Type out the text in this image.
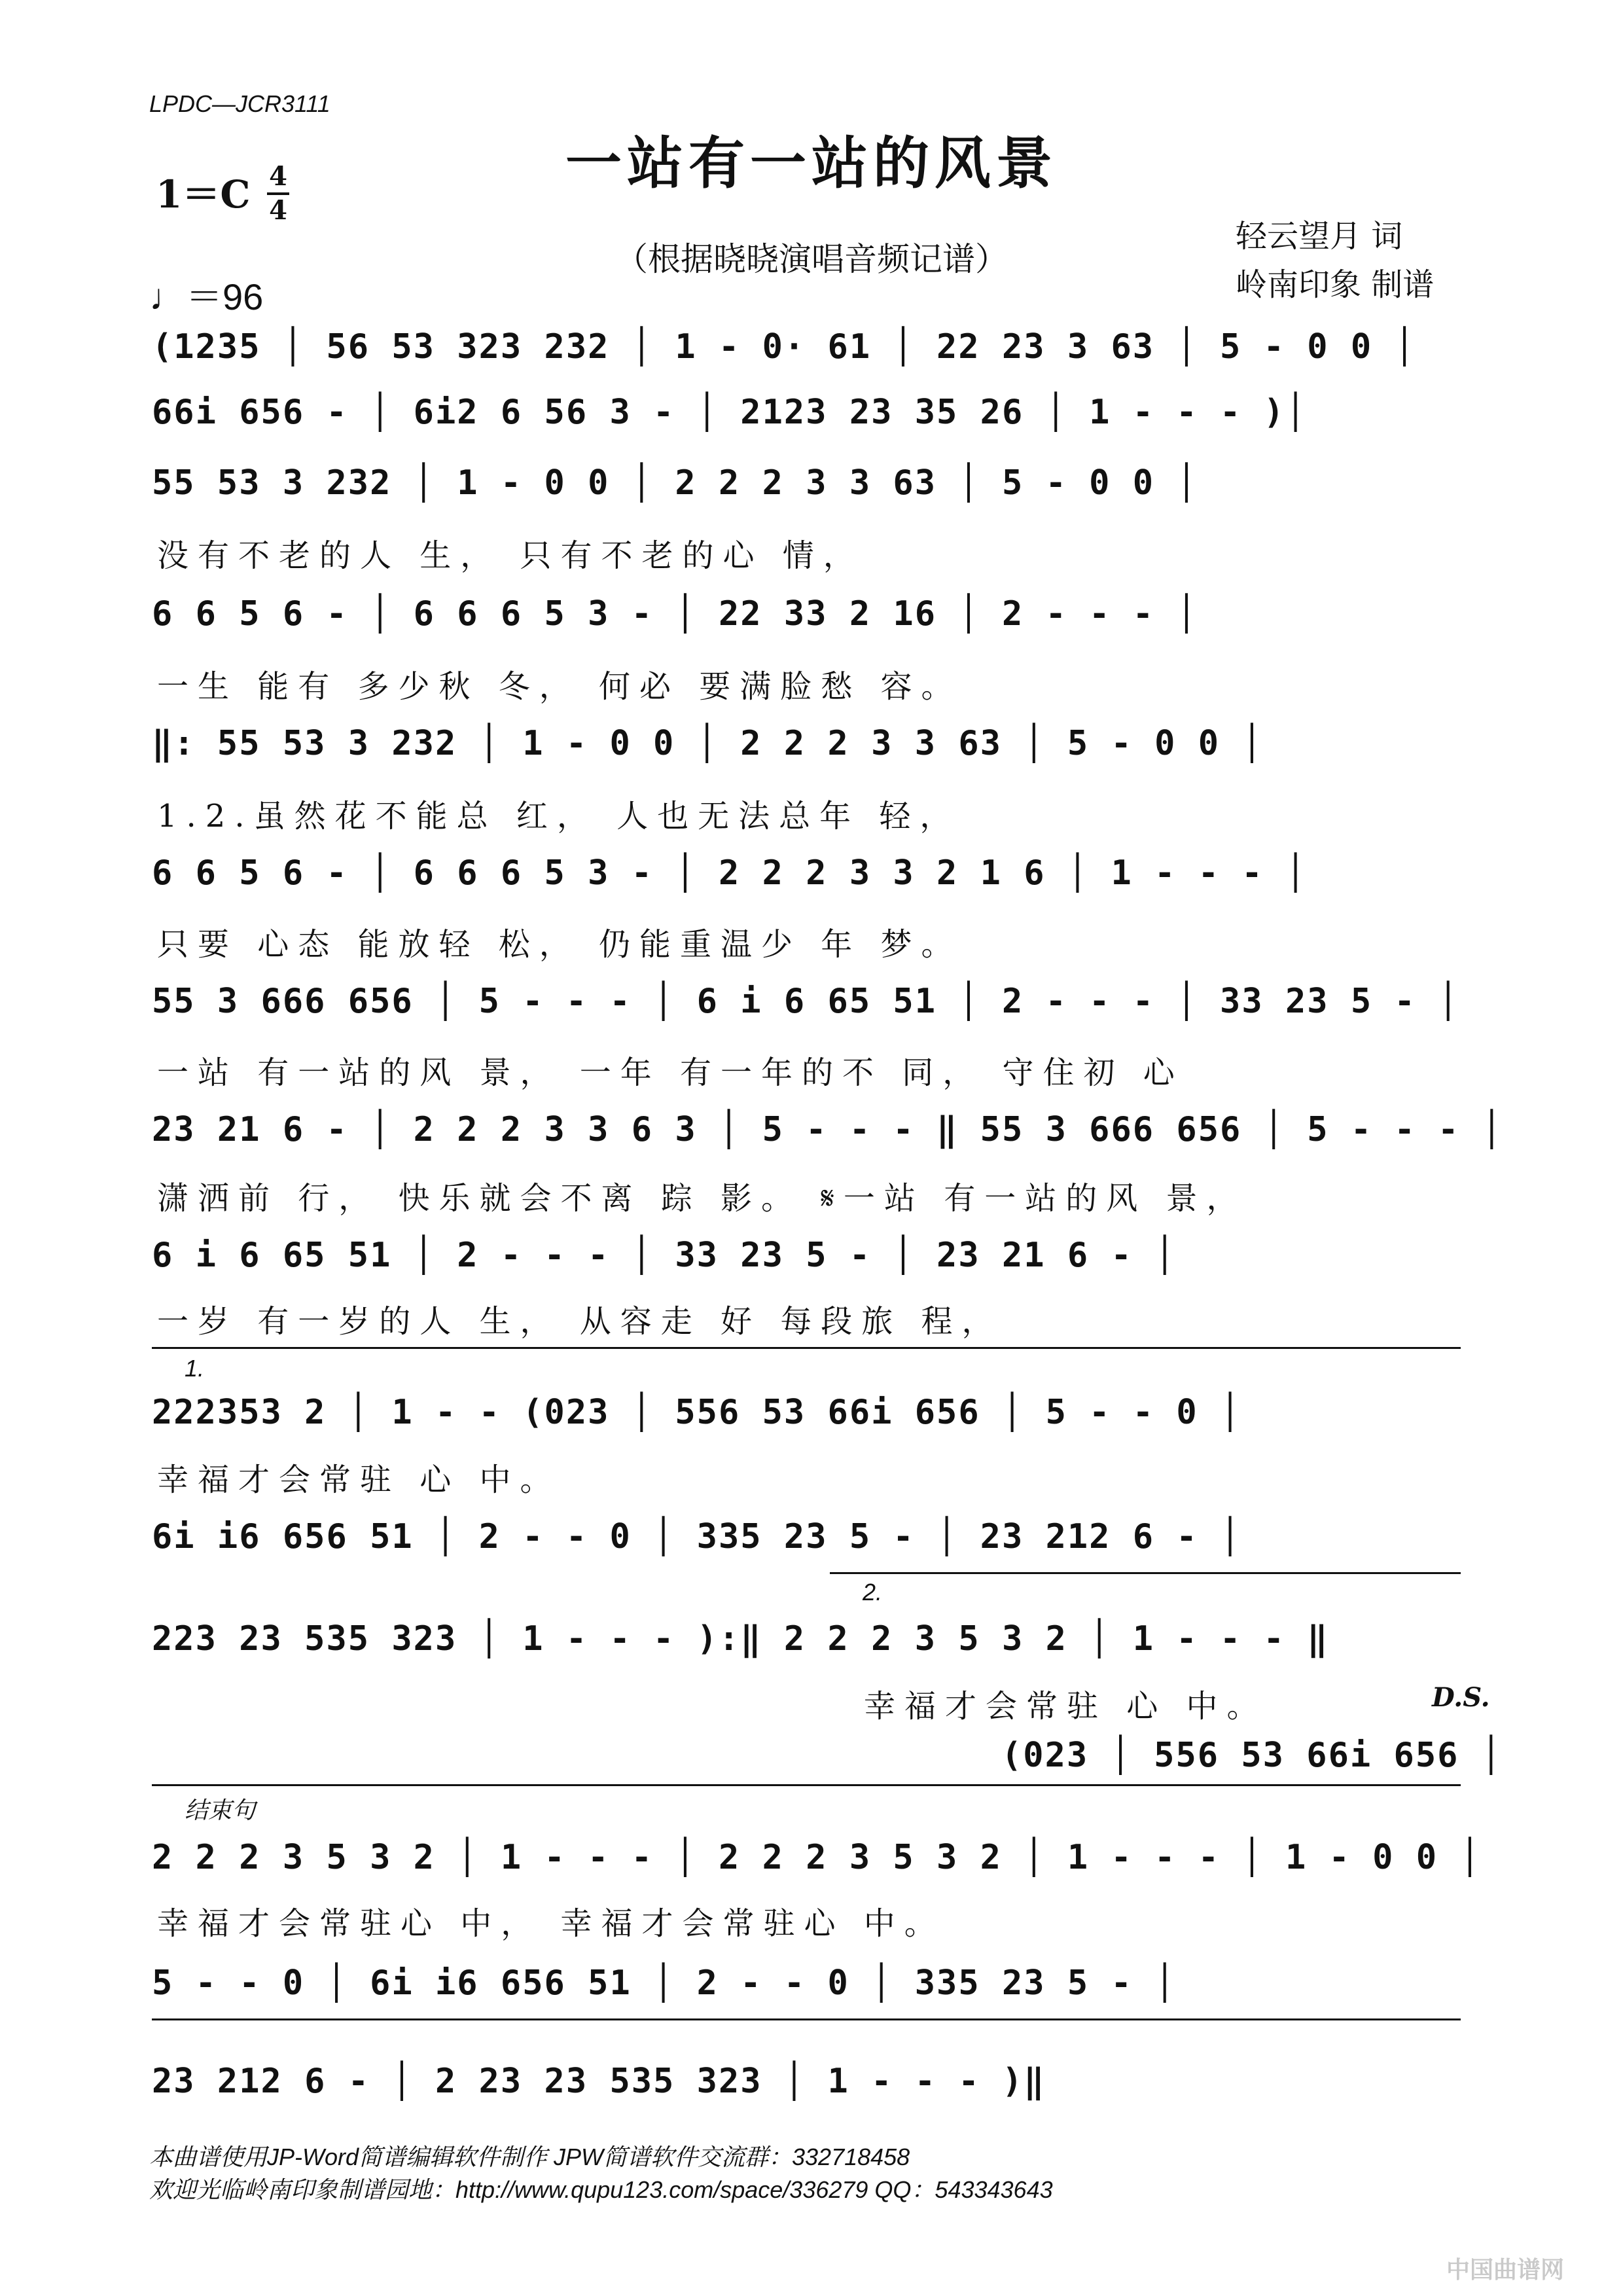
LPDC—JCR3111
一站有一站的风景
1＝C 4
4
（根据晓晓演唱音频记谱）
轻云望月 词
岭南印象 制谱
♩＝96
(1235 │ 56 53 323 232 │ 1 - 0· 61 │ 22 23 3 63 │ 5 - 0 0 │
66i 656 - │ 6i2 6 56 3 - │ 2123 23 35 26 │ 1 - - - )│
55 53 3 232 │ 1 - 0 0 │ 2 2 2 3 3 63 │ 5 - 0 0 │
没有不老的人 生， 只有不老的心 情，
6 6 5 6 - │ 6 6 6 5 3 - │ 22 33 2 16 │ 2 - - - │
一生 能有 多少秋 冬， 何必 要满脸愁 容。
‖: 55 53 3 232 │ 1 - 0 0 │ 2 2 2 3 3 63 │ 5 - 0 0 │
1.2.虽然花不能总 红， 人也无法总年 轻，
6 6 5 6 - │ 6 6 6 5 3 - │ 2 2 2 3 3 2 1 6 │ 1 - - - │
只要 心态 能放轻 松， 仍能重温少 年 梦。
55 3 666 656 │ 5 - - - │ 6 i 6 65 51 │ 2 - - - │ 33 23 5 - │
一站 有一站的风 景， 一年 有一年的不 同， 守住初 心
23 21 6 - │ 2 2 2 3 3 6 3 │ 5 - - - ‖ 55 3 666 656 │ 5 - - - │
潇洒前 行， 快乐就会不离 踪 影。 𝄋一站 有一站的风 景，
6 i 6 65 51 │ 2 - - - │ 33 23 5 - │ 23 21 6 - │
一岁 有一岁的人 生， 从容走 好 每段旅 程，
1.
222353 2 │ 1 - - (023 │ 556 53 66i 656 │ 5 - - 0 │
幸福才会常驻 心 中。
6i i6 656 51 │ 2 - - 0 │ 335 23 5 - │ 23 212 6 - │
2.
223 23 535 323 │ 1 - - - ):‖ 2 2 2 3 5 3 2 │ 1 - - - ‖
幸福才会常驻 心 中。	D.S.
(023 │ 556 53 66i 656 │
结束句
2 2 2 3 5 3 2 │ 1 - - - │ 2 2 2 3 5 3 2 │ 1 - - - │ 1 - 0 0 │
幸福才会常驻心 中， 幸福才会常驻心 中。
5 - - 0 │ 6i i6 656 51 │ 2 - - 0 │ 335 23 5 - │
23 212 6 - │ 2 23 23 535 323 │ 1 - - - )‖
本曲谱使用JP-Word简谱编辑软件制作 JPW简谱软件交流群：332718458
欢迎光临岭南印象制谱园地：http://www.qupu123.com/space/336279 QQ：543343643
中国曲谱网
